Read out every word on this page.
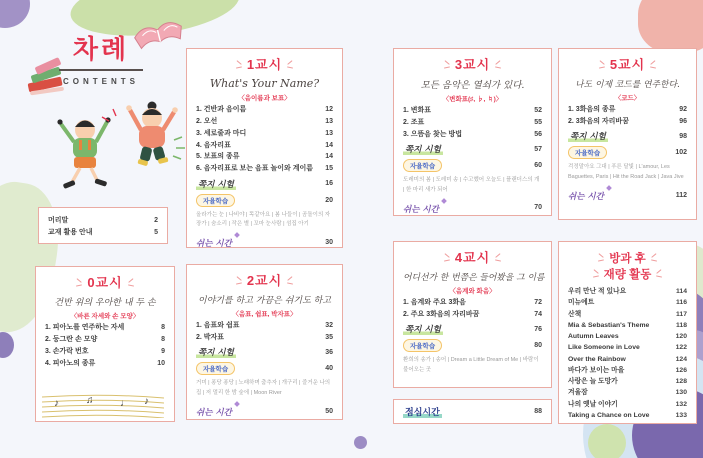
차례
CONTENTS
머리말	2
교재 활용 안내	5
0교시
건반 위의 우아한 내 두 손
〈바른 자세와 손 모양〉
1. 피아노를 연주하는 자세	8
2. 둥그란 손 모양	8
3. 손가락 번호	9
4. 피아노의 종류	10
♪	♫	♩ ♪
1교시
What's Your Name?
〈음이름과 보표〉
1. 건반과 음이름	12
2. 오선	13
3. 세로줄과 마디	13
4. 음자리표	14
5. 보표의 종류	14
6. 음자리표로 보는 음표 놀이와 계이름	15
쪽지 시험	16
자율학습	20
올라가는 눈 | 나비야 | 똑같아요 | 봄 나들이 | 곰돌이의 자장가 | 숨소리 | 작은 별 | 꼬마 눈사람 | 섬집 아기
쉬는 시간	30
2교시
이야기를 하고 가끔은 쉬기도 하고
〈음표, 쉼표, 박자표〉
1. 음표와 쉼표	32
2. 박자표	35
쪽지 시험	36
자율학습	40
거미 | 퐁당 퐁당 | 노래하며 춤추자 | 개구리 | 즐거운 나의 집 | 저 멀리 한 밤 숲에 | Moon River
쉬는 시간	50
3교시
모든 음악은 열쇠가 있다.
〈변화표(♯, ♭, ♮)〉
1. 변화표	52
2. 조표	55
3. 으뜸음 찾는 방법	56
쪽지 시험	57
자율학습	60
도레미의 봄 | 도레미 송 | 수고했어 오늘도 | 플랜더스의 개 | 한 마리 새가 되어
쉬는 시간	70
4교시
어디선가 한 번쯤은 들어봤을 그 이름
〈음계와 화음〉
1. 음계와 주요 3화음	72
2. 주요 3화음의 자리바꿈	74
쪽지 시험	76
자율학습	80
환희의 송가 | 송어 | Dream a Little Dream of Me | 바람이 불어오는 곳
점심시간	88
5교시
나도 이제 코드를 연주한다.
〈코드〉
1. 3화음의 종류	92
2. 3화음의 자리바꿈	96
쪽지 시험	98
자율학습	102
걱정말아요 그대 | 푸른 달빛 | L'amour, Les Baguettes, Paris | Hit the Road Jack | Java Jive
쉬는 시간	112
방과 후
재량 활동
우리 만난 적 있나요	114
미뉴에트	116
산책	117
Mia & Sebastian's Theme	118
Autumn Leaves	120
Like Someone in Love	122
Over the Rainbow	124
바다가 보이는 마을	126
사랑은 늘 도망가	128
겨울잠	130
나의 옛날 이야기	132
Taking a Chance on Love	133
